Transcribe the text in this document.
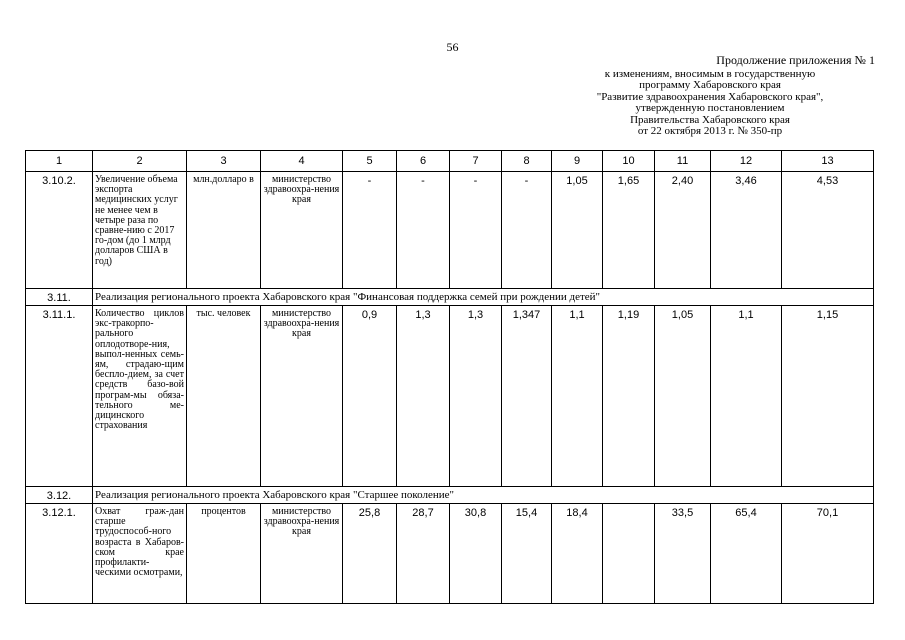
56
Продолжение приложения № 1
к изменениям, вносимым в государственную
программу Хабаровского края
"Развитие здравоохранения Хабаровского края",
утвержденную постановлением
Правительства Хабаровского края
от 22 октября 2013 г. № 350-пр
1	2	3	4	5	6	7	8	9	10	11	12	13
3.10.2.	Увеличение объема экспорта медицинских услуг не менее чем в четыре раза по сравне-нию с 2017 го-дом (до 1 млрд долларов США в год)	млн.долларо в	министерство здравоохра-нения края	-	-	-	-	1,05	1,65	2,40	3,46	4,53
3.11.	Реализация регионального проекта Хабаровского края "Финансовая поддержка семей при рождении детей"											
3.11.1.	Количество циклов экс-тракорпо-рального оплодотворе-ния, выпол-ненных семь-ям, страдаю-щим беспло-дием, за счет средств базо-вой програм-мы обяза-тельного ме-дицинского страхования	тыс. человек	министерство здравоохра-нения края	0,9	1,3	1,3	1,347	1,1	1,19	1,05	1,1	1,15
3.12.	Реализация регионального проекта Хабаровского края "Старшее поколение"											
3.12.1.	Охват граж-дан старше трудоспособ-ного возраста в Хабаров-ском крае профилакти-ческими осмотрами,	процентов	министерство здравоохра-нения края	25,8	28,7	30,8	15,4	18,4		33,5	65,4	70,1
